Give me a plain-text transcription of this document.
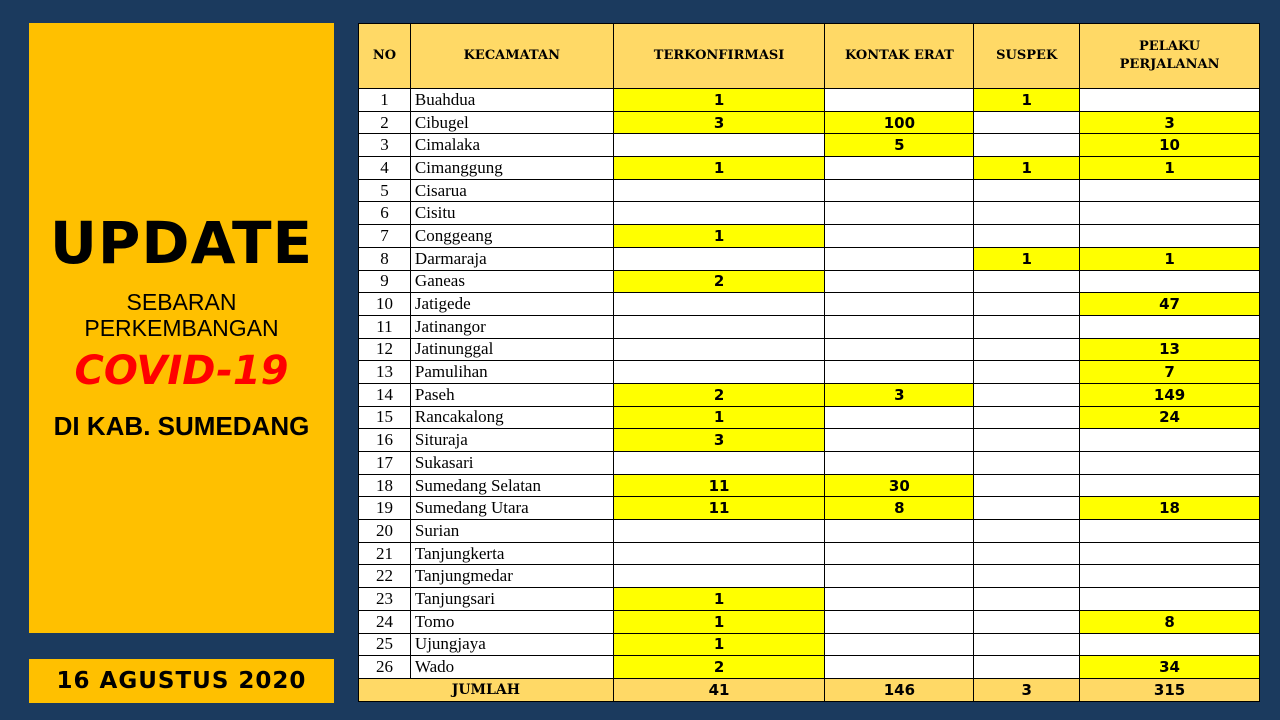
UPDATE
SEBARAN
PERKEMBANGAN
COVID-19
DI KAB. SUMEDANG
16 AGUSTUS 2020
NO	KECAMATAN	TERKONFIRMASI	KONTAK ERAT	SUSPEK	PELAKU PERJALANAN
1	Buahdua	1		1	
2	Cibugel	3	100		3
3	Cimalaka		5		10
4	Cimanggung	1		1	1
5	Cisarua				
6	Cisitu				
7	Conggeang	1			
8	Darmaraja			1	1
9	Ganeas	2			
10	Jatigede				47
11	Jatinangor				
12	Jatinunggal				13
13	Pamulihan				7
14	Paseh	2	3		149
15	Rancakalong	1			24
16	Situraja	3			
17	Sukasari				
18	Sumedang Selatan	11	30		
19	Sumedang Utara	11	8		18
20	Surian				
21	Tanjungkerta				
22	Tanjungmedar				
23	Tanjungsari	1			
24	Tomo	1			8
25	Ujungjaya	1			
26	Wado	2			34
JUMLAH		41	146	3	315
